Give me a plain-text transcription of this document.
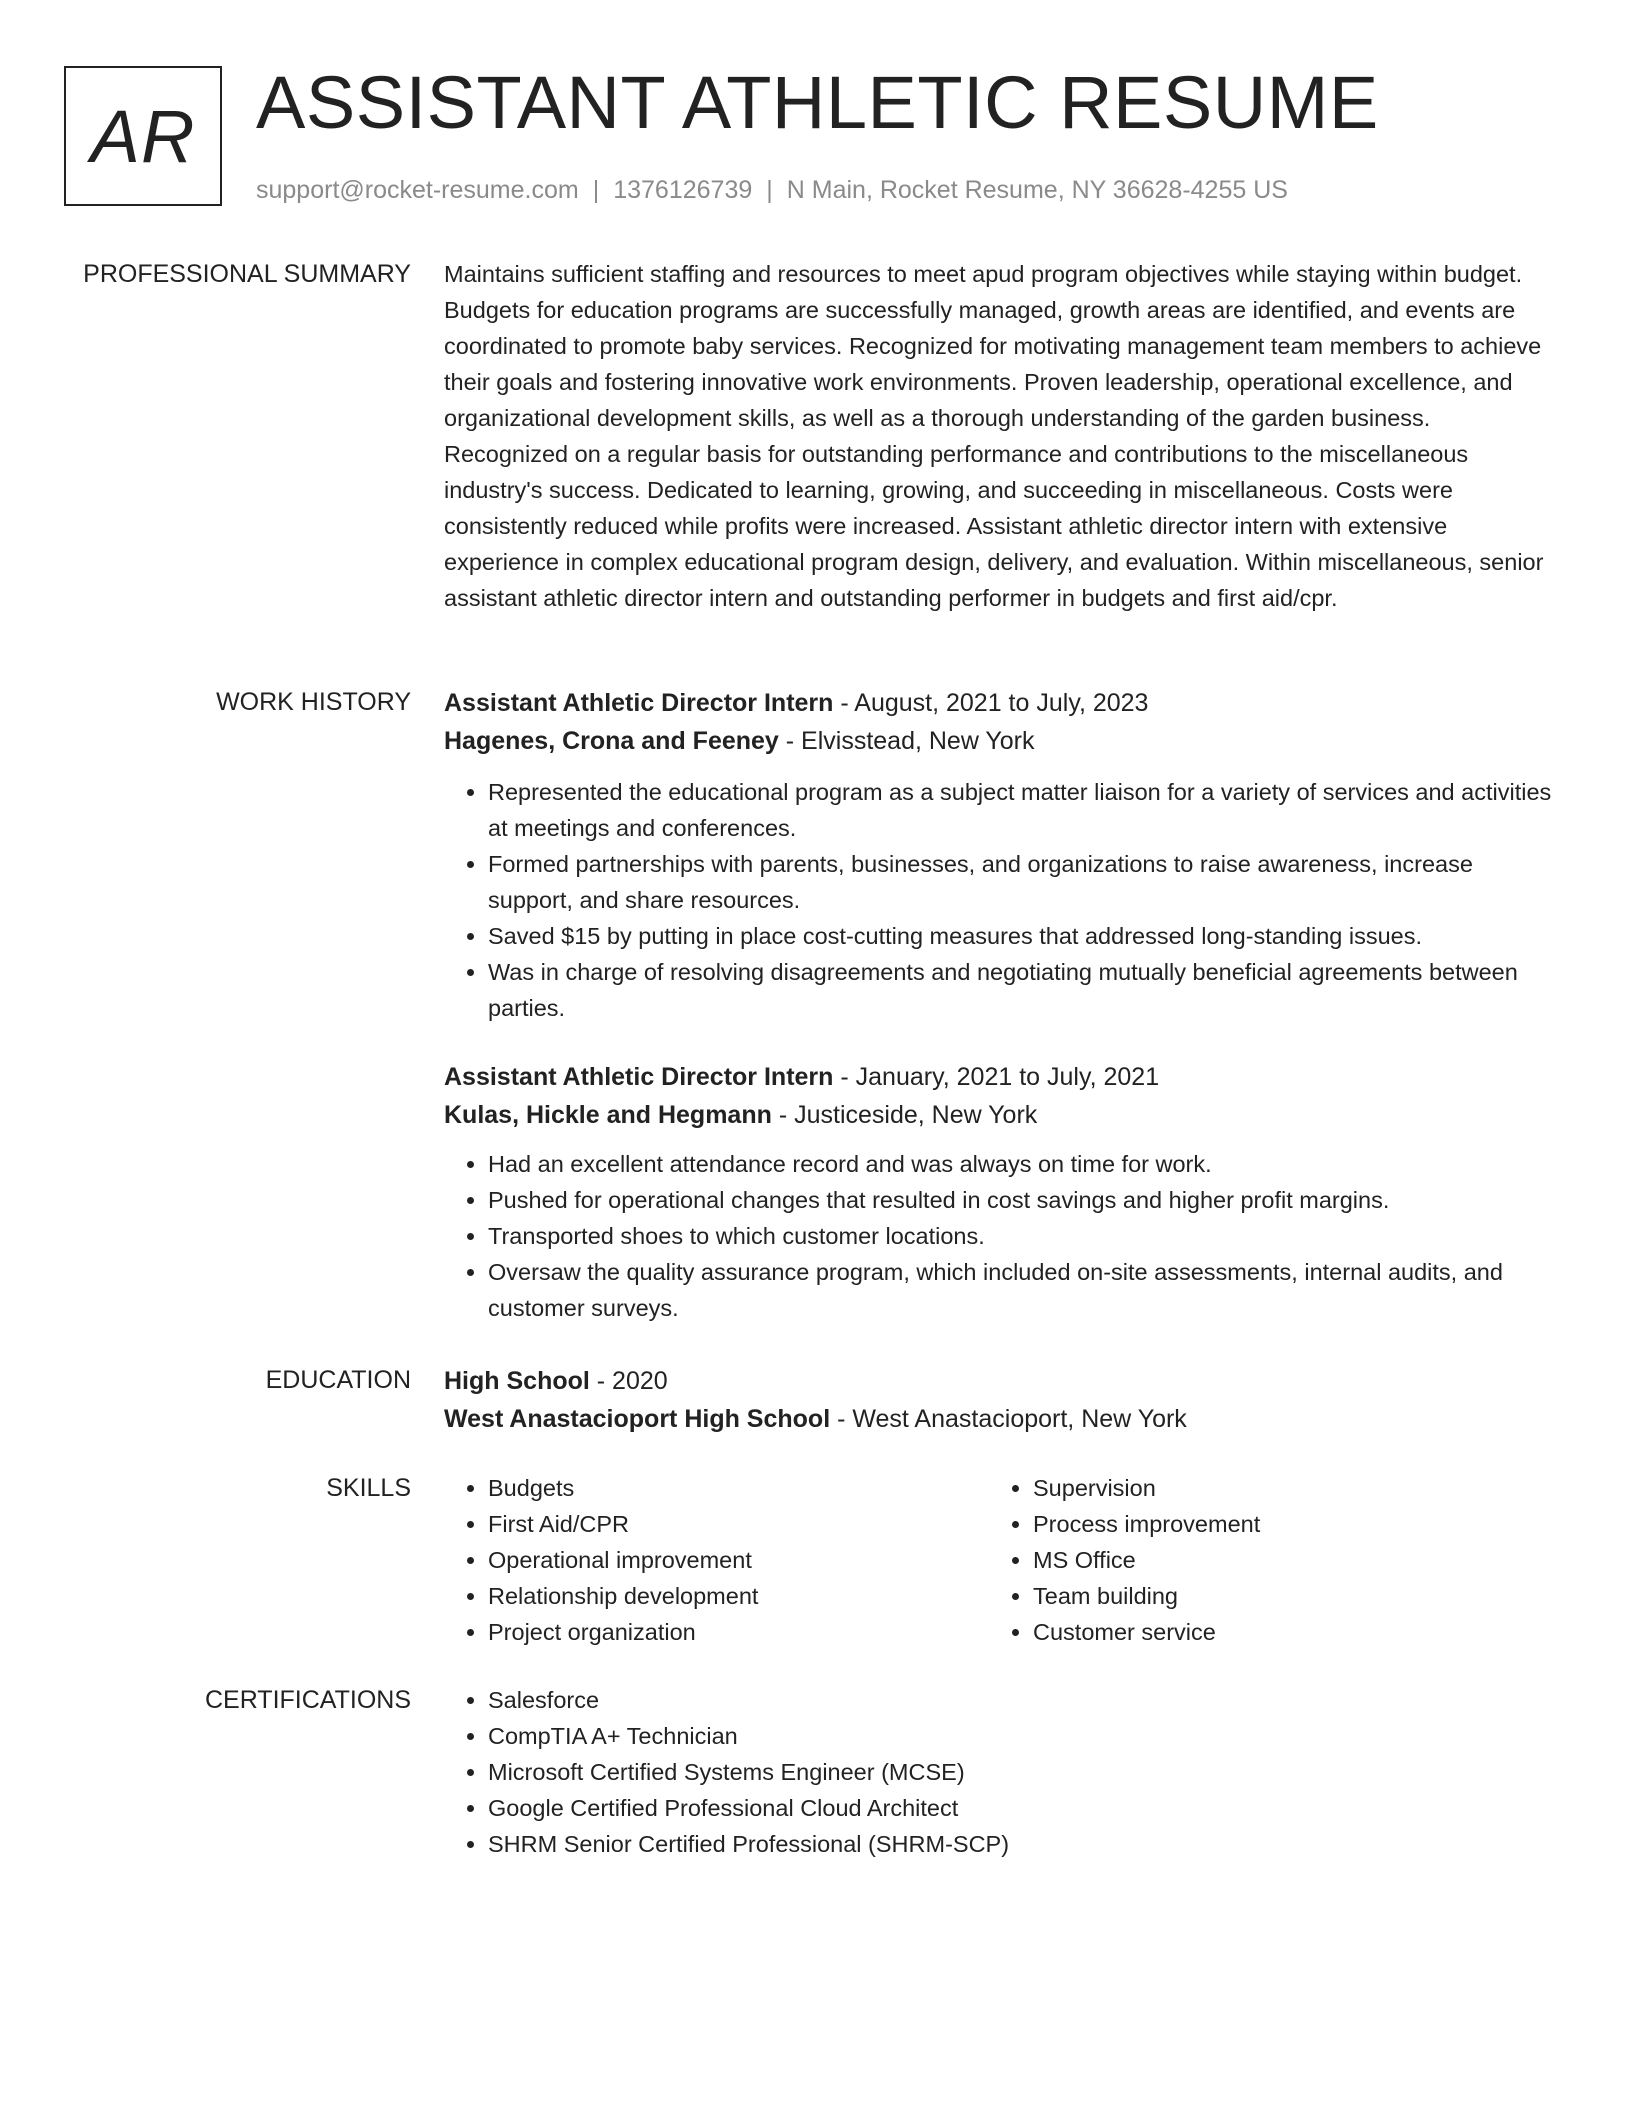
AR ASSISTANT ATHLETIC RESUME
support@rocket-resume.com | 1376126739 | N Main, Rocket Resume, NY 36628-4255 US
PROFESSIONAL SUMMARY Maintains sufficient staffing and resources to meet apud program objectives while staying within budget. Budgets for education programs are successfully managed, growth areas are identified, and events are coordinated to promote baby services. Recognized for motivating management team members to achieve their goals and fostering innovative work environments. Proven leadership, operational excellence, and organizational development skills, as well as a thorough understanding of the garden business. Recognized on a regular basis for outstanding performance and contributions to the miscellaneous industry's success. Dedicated to learning, growing, and succeeding in miscellaneous. Costs were consistently reduced while profits were increased. Assistant athletic director intern with extensive experience in complex educational program design, delivery, and evaluation. Within miscellaneous, senior assistant athletic director intern and outstanding performer in budgets and first aid/cpr.

WORK HISTORY Assistant Athletic Director Intern - August, 2021 to July, 2023
Hagenes, Crona and Feeney - Elvisstead, New York
• Represented the educational program as a subject matter liaison for a variety of services and activities at meetings and conferences.
• Formed partnerships with parents, businesses, and organizations to raise awareness, increase support, and share resources.
• Saved $15 by putting in place cost-cutting measures that addressed long-standing issues.
• Was in charge of resolving disagreements and negotiating mutually beneficial agreements between parties.
Assistant Athletic Director Intern - January, 2021 to July, 2021
Kulas, Hickle and Hegmann - Justiceside, New York
• Had an excellent attendance record and was always on time for work.
• Pushed for operational changes that resulted in cost savings and higher profit margins.
• Transported shoes to which customer locations.
• Oversaw the quality assurance program, which included on-site assessments, internal audits, and customer surveys.
EDUCATION High School - 2020
West Anastacioport High School - West Anastacioport, New York
SKILLS	• Budgets
• First Aid/CPR
• Operational improvement
• Relationship development
• Project organization
• Supervision
• Process improvement
• MS Office
• Team building
• Customer service
CERTIFICATIONS	• Salesforce
• CompTIA A+ Technician
• Microsoft Certified Systems Engineer (MCSE)
• Google Certified Professional Cloud Architect
• SHRM Senior Certified Professional (SHRM-SCP)
